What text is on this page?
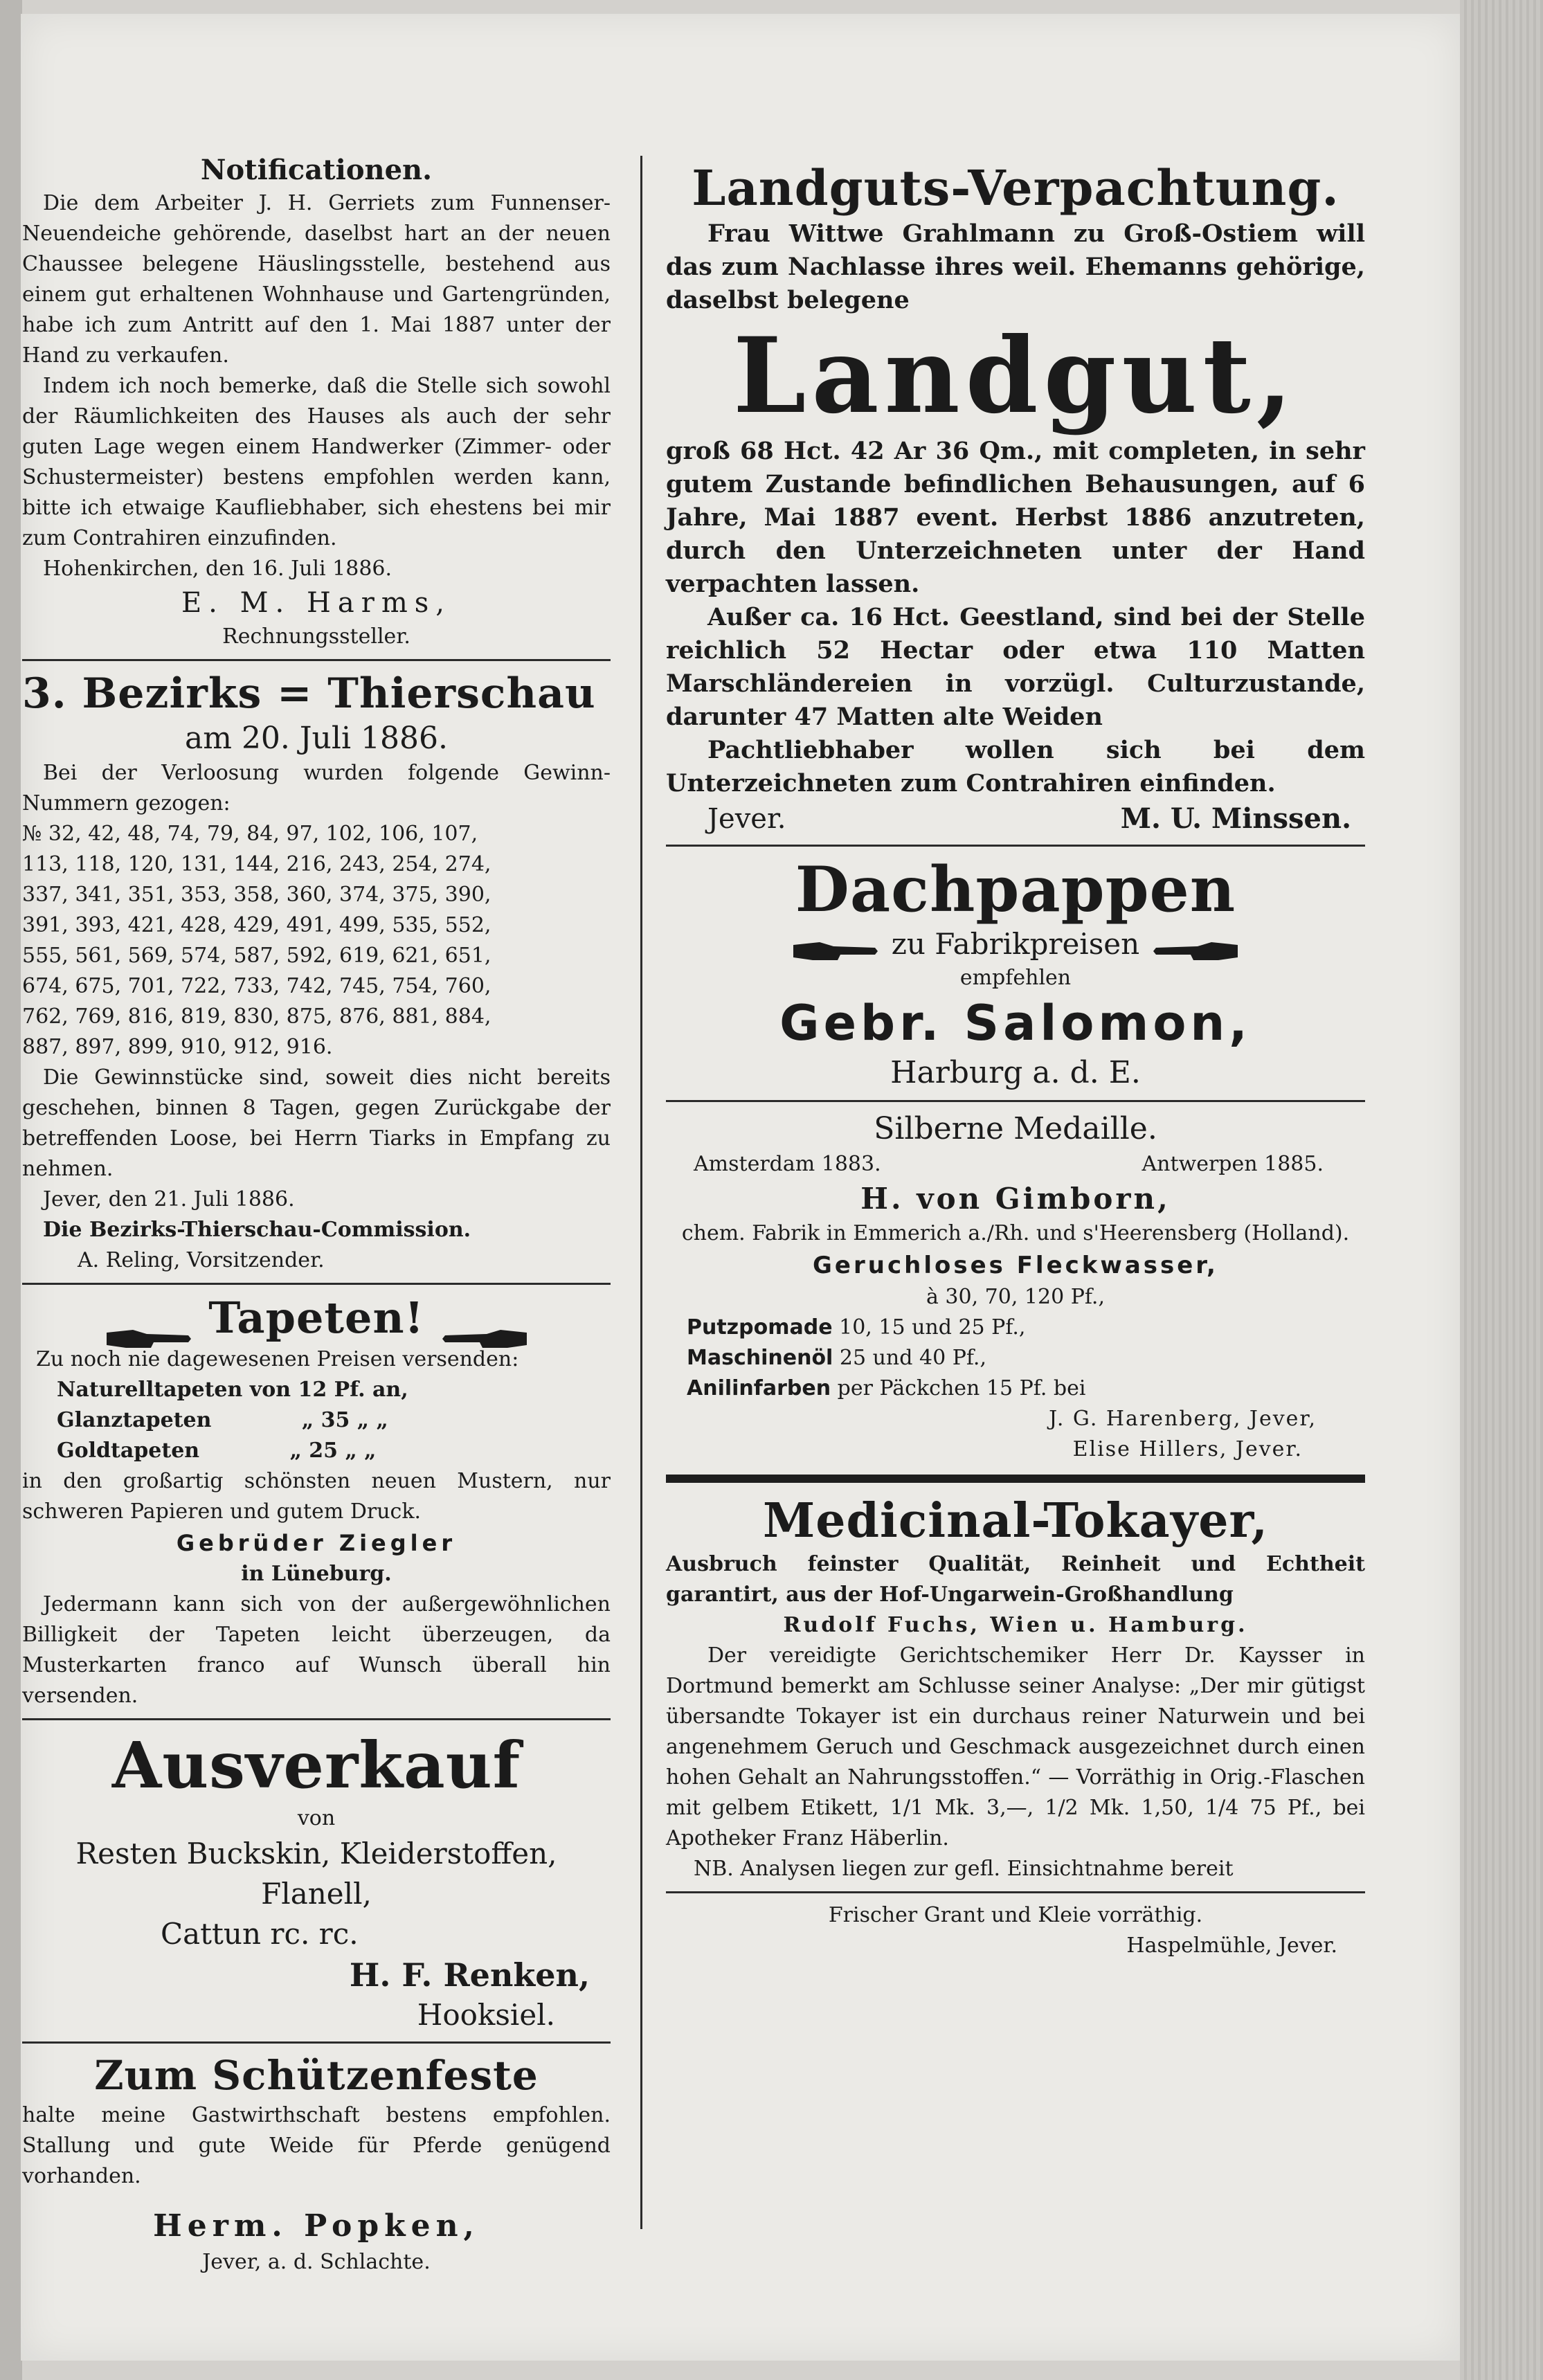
Notificationen.

Die dem Arbeiter J. H. Gerriets zum Funnenser-Neuendeiche gehörende, daselbst hart an der neuen Chaussee belegene Häuslingsstelle, bestehend aus einem gut erhaltenen Wohnhause und Gartengründen, habe ich zum Antritt auf den 1. Mai 1887 unter der Hand zu verkaufen.

Indem ich noch bemerke, daß die Stelle sich sowohl der Räumlichkeiten des Hauses als auch der sehr guten Lage wegen einem Handwerker (Zimmer- oder Schustermeister) bestens empfohlen werden kann, bitte ich etwaige Kaufliebhaber, sich ehestens bei mir zum Contrahiren einzufinden.

Hohenkirchen, den 16. Juli 1886.

E. M. Harms,

Rechnungssteller.

3. Bezirks = Thierschau

am 20. Juli 1886.

Bei der Verloosung wurden folgende Gewinn-Nummern gezogen:

№ 32, 42, 48, 74, 79, 84, 97, 102, 106, 107,

113, 118, 120, 131, 144, 216, 243, 254, 274,

337, 341, 351, 353, 358, 360, 374, 375, 390,

391, 393, 421, 428, 429, 491, 499, 535, 552,

555, 561, 569, 574, 587, 592, 619, 621, 651,

674, 675, 701, 722, 733, 742, 745, 754, 760,

762, 769, 816, 819, 830, 875, 876, 881, 884,

887, 897, 899, 910, 912, 916.

Die Gewinnstücke sind, soweit dies nicht bereits geschehen, binnen 8 Tagen, gegen Zurückgabe der betreffenden Loose, bei Herrn Tiarks in Empfang zu nehmen.

Jever, den 21. Juli 1886.

Die Bezirks-Thierschau-Commission.

A. Reling, Vorsitzender.

Tapeten!

Zu noch nie dagewesenen Preisen versenden:

Naturelltapeten von 12 Pf. an,

Glanztapeten	„ 35 „ „

Goldtapeten	„ 25 „ „

in den großartig schönsten neuen Mustern, nur schweren Papieren und gutem Druck.

Gebrüder Ziegler

in Lüneburg.

Jedermann kann sich von der außergewöhnlichen Billigkeit der Tapeten leicht überzeugen, da Musterkarten franco auf Wunsch überall hin versenden.

Ausverkauf

von

Resten Buckskin, Kleiderstoffen, Flanell,

Cattun rc. rc.

H. F. Renken,

Hooksiel.

Zum Schützenfeste

halte meine Gastwirthschaft bestens empfohlen. Stallung und gute Weide für Pferde genügend vorhanden.

Herm. Popken,

Jever, a. d. Schlachte.

Landguts-Verpachtung.

Frau Wittwe Grahlmann zu Groß-Ostiem will das zum Nachlasse ihres weil. Ehemanns gehörige, daselbst belegene

Landgut,

groß 68 Hct. 42 Ar 36 Qm., mit completen, in sehr gutem Zustande befindlichen Behausungen, auf 6 Jahre, Mai 1887 event. Herbst 1886 anzutreten, durch den Unterzeichneten unter der Hand verpachten lassen.

Außer ca. 16 Hct. Geestland, sind bei der Stelle reichlich 52 Hectar oder etwa 110 Matten Marschländereien in vorzügl. Culturzustande, darunter 47 Matten alte Weiden

Pachtliebhaber wollen sich bei dem Unterzeichneten zum Contrahiren einfinden.

Jever.	M. U. Minssen.

Dachpappen

zu Fabrikpreisen

empfehlen

Gebr. Salomon,

Harburg a. d. E.

Silberne Medaille.

Amsterdam 1883.	Antwerpen 1885.

H. von Gimborn,

chem. Fabrik in Emmerich a./Rh. und s'Heerensberg (Holland).

Geruchloses Fleckwasser,

à 30, 70, 120 Pf.,

Putzpomade 10, 15 und 25 Pf.,

Maschinenöl 25 und 40 Pf.,

Anilinfarben per Päckchen 15 Pf. bei

J. G. Harenberg, Jever,

Elise Hillers, Jever.

Medicinal-Tokayer,

Ausbruch feinster Qualität, Reinheit und Echtheit garantirt, aus der Hof-Ungarwein-Großhandlung

Rudolf Fuchs, Wien u. Hamburg.

Der vereidigte Gerichtschemiker Herr Dr. Kaysser in Dortmund bemerkt am Schlusse seiner Analyse: „Der mir gütigst übersandte Tokayer ist ein durchaus reiner Naturwein und bei angenehmem Geruch und Geschmack ausgezeichnet durch einen hohen Gehalt an Nahrungsstoffen.“ — Vorräthig in Orig.-Flaschen mit gelbem Etikett, 1/1 Mk. 3,—, 1/2 Mk. 1,50, 1/4 75 Pf., bei Apotheker Franz Häberlin.

NB. Analysen liegen zur gefl. Einsichtnahme bereit

Frischer Grant und Kleie vorräthig.

Haspelmühle, Jever.
